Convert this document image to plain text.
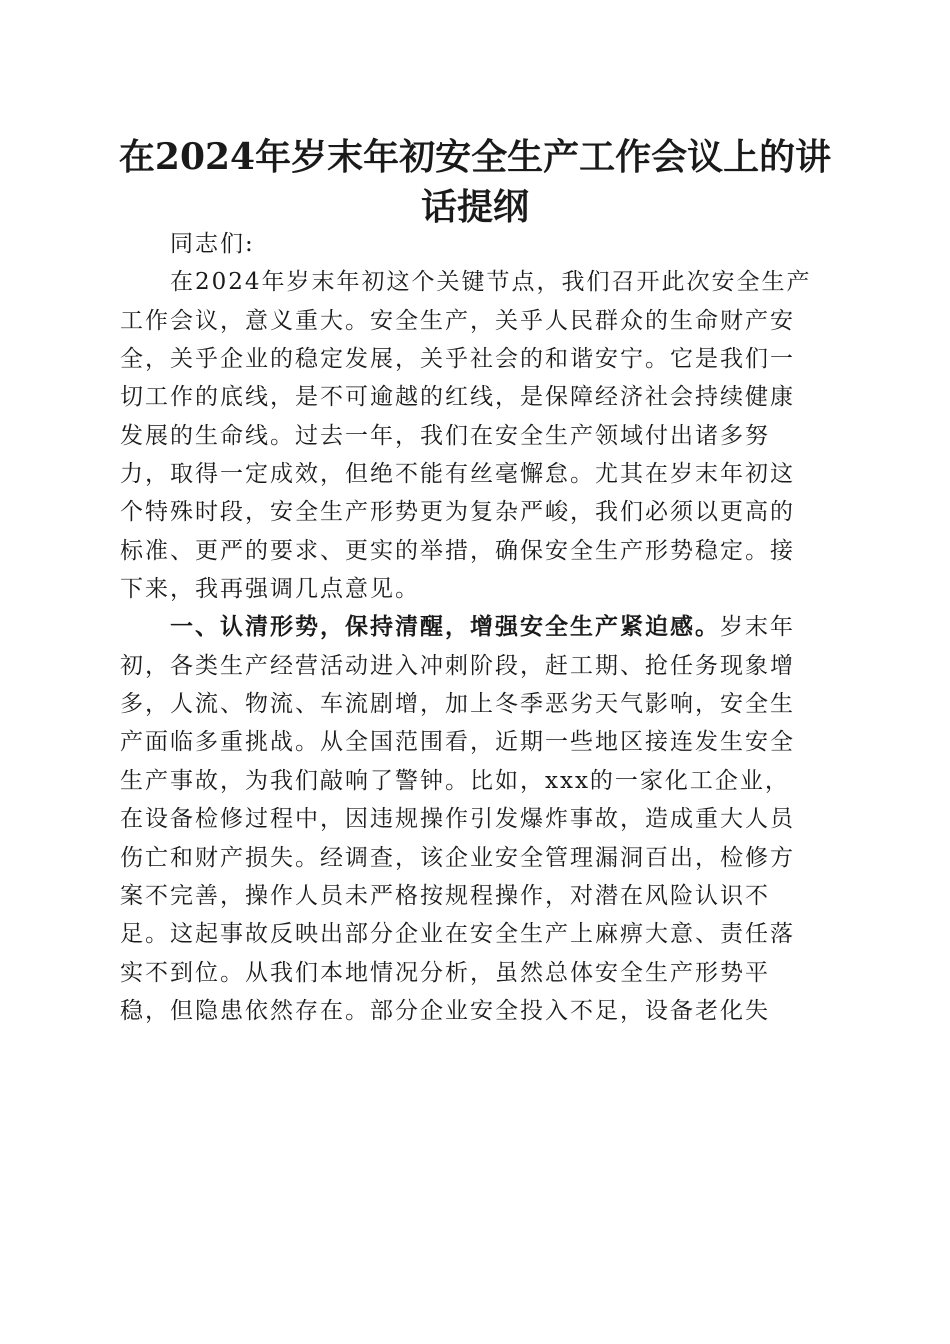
在2024年岁末年初安全生产工作会议上的讲
话提纲
同志们:
在2024年岁末年初这个关键节点，我们召开此次安全生产
工作会议，意义重大。安全生产，关乎人民群众的生命财产安
全，关乎企业的稳定发展，关乎社会的和谐安宁。它是我们一
切工作的底线，是不可逾越的红线，是保障经济社会持续健康
发展的生命线。过去一年，我们在安全生产领域付出诸多努
力，取得一定成效，但绝不能有丝毫懈怠。尤其在岁末年初这
个特殊时段，安全生产形势更为复杂严峻，我们必须以更高的
标准、更严的要求、更实的举措，确保安全生产形势稳定。接
下来，我再强调几点意见。
一、认清形势，保持清醒，增强安全生产紧迫感。岁末年
初，各类生产经营活动进入冲刺阶段，赶工期、抢任务现象增
多，人流、物流、车流剧增，加上冬季恶劣天气影响，安全生
产面临多重挑战。从全国范围看，近期一些地区接连发生安全
生产事故，为我们敲响了警钟。比如，xxx的一家化工企业，
在设备检修过程中，因违规操作引发爆炸事故，造成重大人员
伤亡和财产损失。经调查，该企业安全管理漏洞百出，检修方
案不完善，操作人员未严格按规程操作，对潜在风险认识不
足。这起事故反映出部分企业在安全生产上麻痹大意、责任落
实不到位。从我们本地情况分析，虽然总体安全生产形势平
稳，但隐患依然存在。部分企业安全投入不足，设备老化失
